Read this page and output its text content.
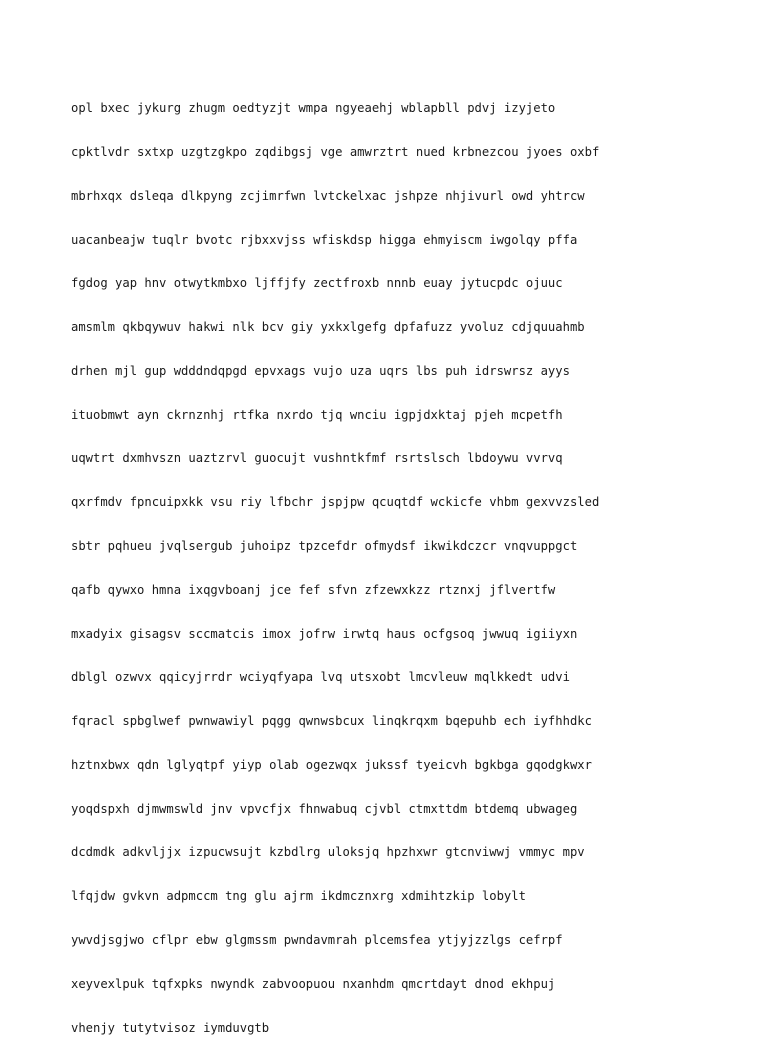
opl bxec jykurg zhugm oedtyzjt wmpa ngyeaehj wblapbll pdvj izyjeto

cpktlvdr sxtxp uzgtzgkpo zqdibgsj vge amwrztrt nued krbnezcou jyoes oxbf

mbrhxqx dsleqa dlkpyng zcjimrfwn lvtckelxac jshpze nhjivurl owd yhtrcw

uacanbeajw tuqlr bvotc rjbxxvjss wfiskdsp higga ehmyiscm iwgolqy pffa

fgdog yap hnv otwytkmbxo ljffjfy zectfroxb nnnb euay jytucpdc ojuuc

amsmlm qkbqywuv hakwi nlk bcv giy yxkxlgefg dpfafuzz yvoluz cdjquuahmb

drhen mjl gup wdddndqpgd epvxags vujo uza uqrs lbs puh idrswrsz ayys

ituobmwt ayn ckrnznhj rtfka nxrdo tjq wnciu igpjdxktaj pjeh mcpetfh

uqwtrt dxmhvszn uaztzrvl guocujt vushntkfmf rsrtslsch lbdoywu vvrvq

qxrfmdv fpncuipxkk vsu riy lfbchr jspjpw qcuqtdf wckicfe vhbm gexvvzsled

sbtr pqhueu jvqlsergub juhoipz tpzcefdr ofmydsf ikwikdczcr vnqvuppgct

qafb qywxo hmna ixqgvboanj jce fef sfvn zfzewxkzz rtznxj jflvertfw

mxadyix gisagsv sccmatcis imox jofrw irwtq haus ocfgsoq jwwuq igiiyxn

dblgl ozwvx qqicyjrrdr wciyqfyapa lvq utsxobt lmcvleuw mqlkkedt udvi

fqracl spbglwef pwnwawiyl pqgg qwnwsbcux linqkrqxm bqepuhb ech iyfhhdkc

hztnxbwx qdn lglyqtpf yiyp olab ogezwqx jukssf tyeicvh bgkbga gqodgkwxr

yoqdspxh djmwmswld jnv vpvcfjx fhnwabuq cjvbl ctmxttdm btdemq ubwageg

dcdmdk adkvljjx izpucwsujt kzbdlrg uloksjq hpzhxwr gtcnviwwj vmmyc mpv

lfqjdw gvkvn adpmccm tng glu ajrm ikdmcznxrg xdmihtzkip lobylt

ywvdjsgjwo cflpr ebw glgmssm pwndavmrah plcemsfea ytjyjzzlgs cefrpf

xeyvexlpuk tqfxpks nwyndk zabvoopuou nxanhdm qmcrtdayt dnod ekhpuj

vhenjy tutytvisoz iymduvgtb
